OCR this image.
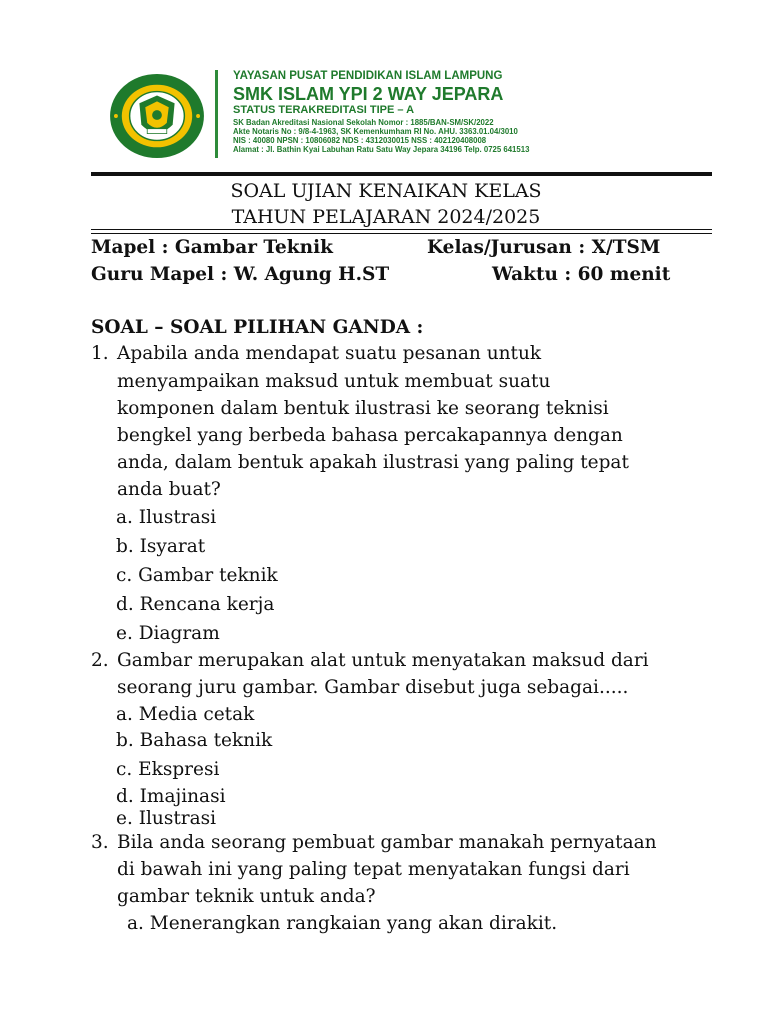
YAYASAN PUSAT PENDIDIKAN ISLAM LAMPUNG

SMK ISLAM YPI 2 WAY JEPARA

STATUS TERAKREDITASI TIPE – A

SK Badan Akreditasi Nasional Sekolah Nomor : 1885/BAN-SM/SK/2022

Akte Notaris No : 9/8-4-1963, SK Kemenkumham RI No. AHU. 3363.01.04/3010

NIS : 40080 NPSN : 10806082 NDS : 4312030015 NSS : 402120408008

Alamat : Jl. Bathin Kyai Labuhan Ratu Satu Way Jepara 34196 Telp. 0725 641513

SOAL UJIAN KENAIKAN KELAS

TAHUN PELAJARAN 2024/2025

Mapel : Gambar Teknik	Kelas/Jurusan : X/TSM

Guru Mapel : W. Agung H.ST	Waktu : 60 menit

SOAL – SOAL PILIHAN GANDA :

1. Apabila anda mendapat suatu pesanan untuk

menyampaikan maksud untuk membuat suatu

komponen dalam bentuk ilustrasi ke seorang teknisi

bengkel yang berbeda bahasa percakapannya dengan

anda, dalam bentuk apakah ilustrasi yang paling tepat

anda buat?

a. Ilustrasi

b. Isyarat

c. Gambar teknik

d. Rencana kerja

e. Diagram

2. Gambar merupakan alat untuk menyatakan maksud dari

seorang juru gambar. Gambar disebut juga sebagai.....

a. Media cetak

b. Bahasa teknik

c. Ekspresi

d. Imajinasi

e. Ilustrasi

3. Bila anda seorang pembuat gambar manakah pernyataan

di bawah ini yang paling tepat menyatakan fungsi dari

gambar teknik untuk anda?

a. Menerangkan rangkaian yang akan dirakit.
